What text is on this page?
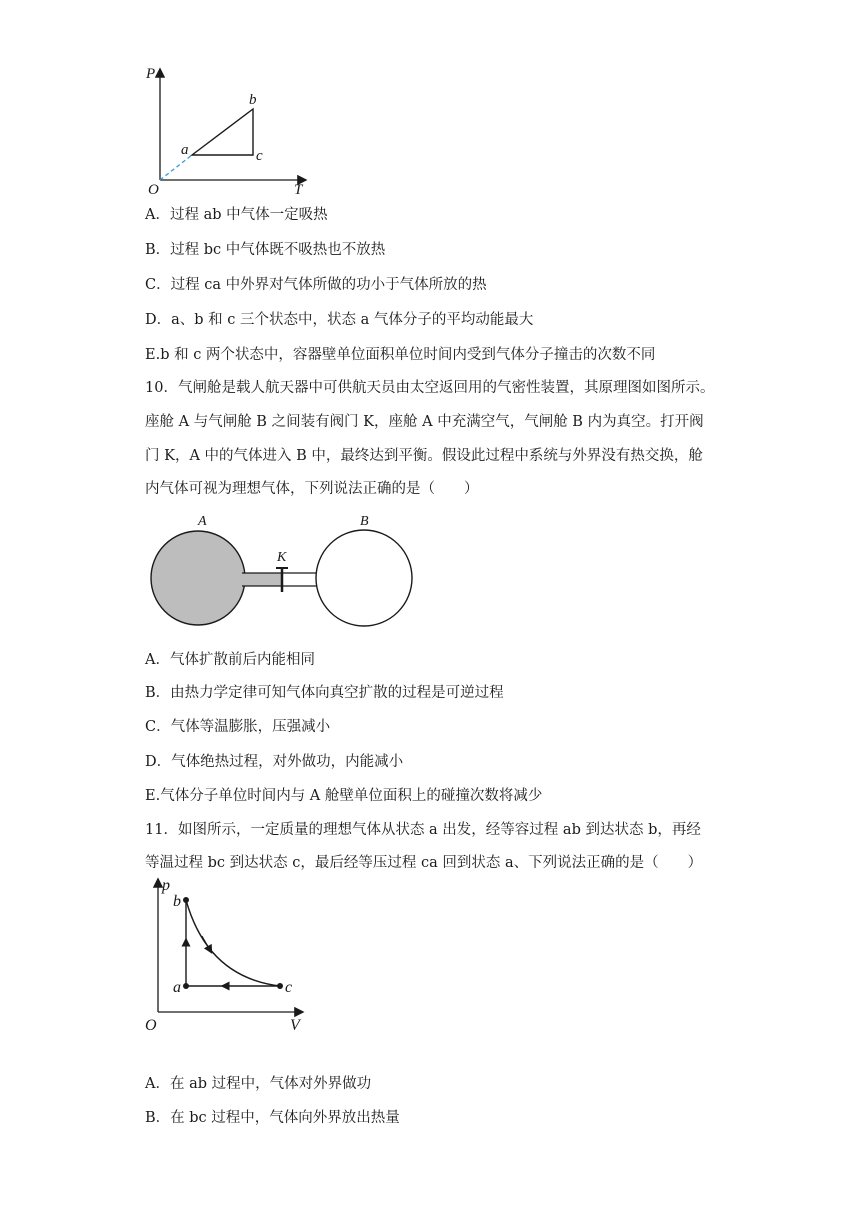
P
T
O
a
b
c
A．过程 ab 中气体一定吸热
B．过程 bc 中气体既不吸热也不放热
C．过程 ca 中外界对气体所做的功小于气体所放的热
D．a、b 和 c 三个状态中，状态 a 气体分子的平均动能最大
E.b 和 c 两个状态中，容器壁单位面积单位时间内受到气体分子撞击的次数不同
10．气闸舱是载人航天器中可供航天员由太空返回用的气密性装置，其原理图如图所示。
座舱 A 与气闸舱 B 之间装有阀门 K，座舱 A 中充满空气，气闸舱 B 内为真空。打开阀
门 K，A 中的气体进入 B 中，最终达到平衡。假设此过程中系统与外界没有热交换，舱
内气体可视为理想气体，下列说法正确的是（　　）
A	B
K
A．气体扩散前后内能相同
B．由热力学定律可知气体向真空扩散的过程是可逆过程
C．气体等温膨胀，压强减小
D．气体绝热过程，对外做功，内能减小
E.气体分子单位时间内与 A 舱壁单位面积上的碰撞次数将减少
11．如图所示，一定质量的理想气体从状态 a 出发，经等容过程 ab 到达状态 b，再经
等温过程 bc 到达状态 c，最后经等压过程 ca 回到状态 a、下列说法正确的是（　　）
p
V
O
a
b
c
A．在 ab 过程中，气体对外界做功
B．在 bc 过程中，气体向外界放出热量
